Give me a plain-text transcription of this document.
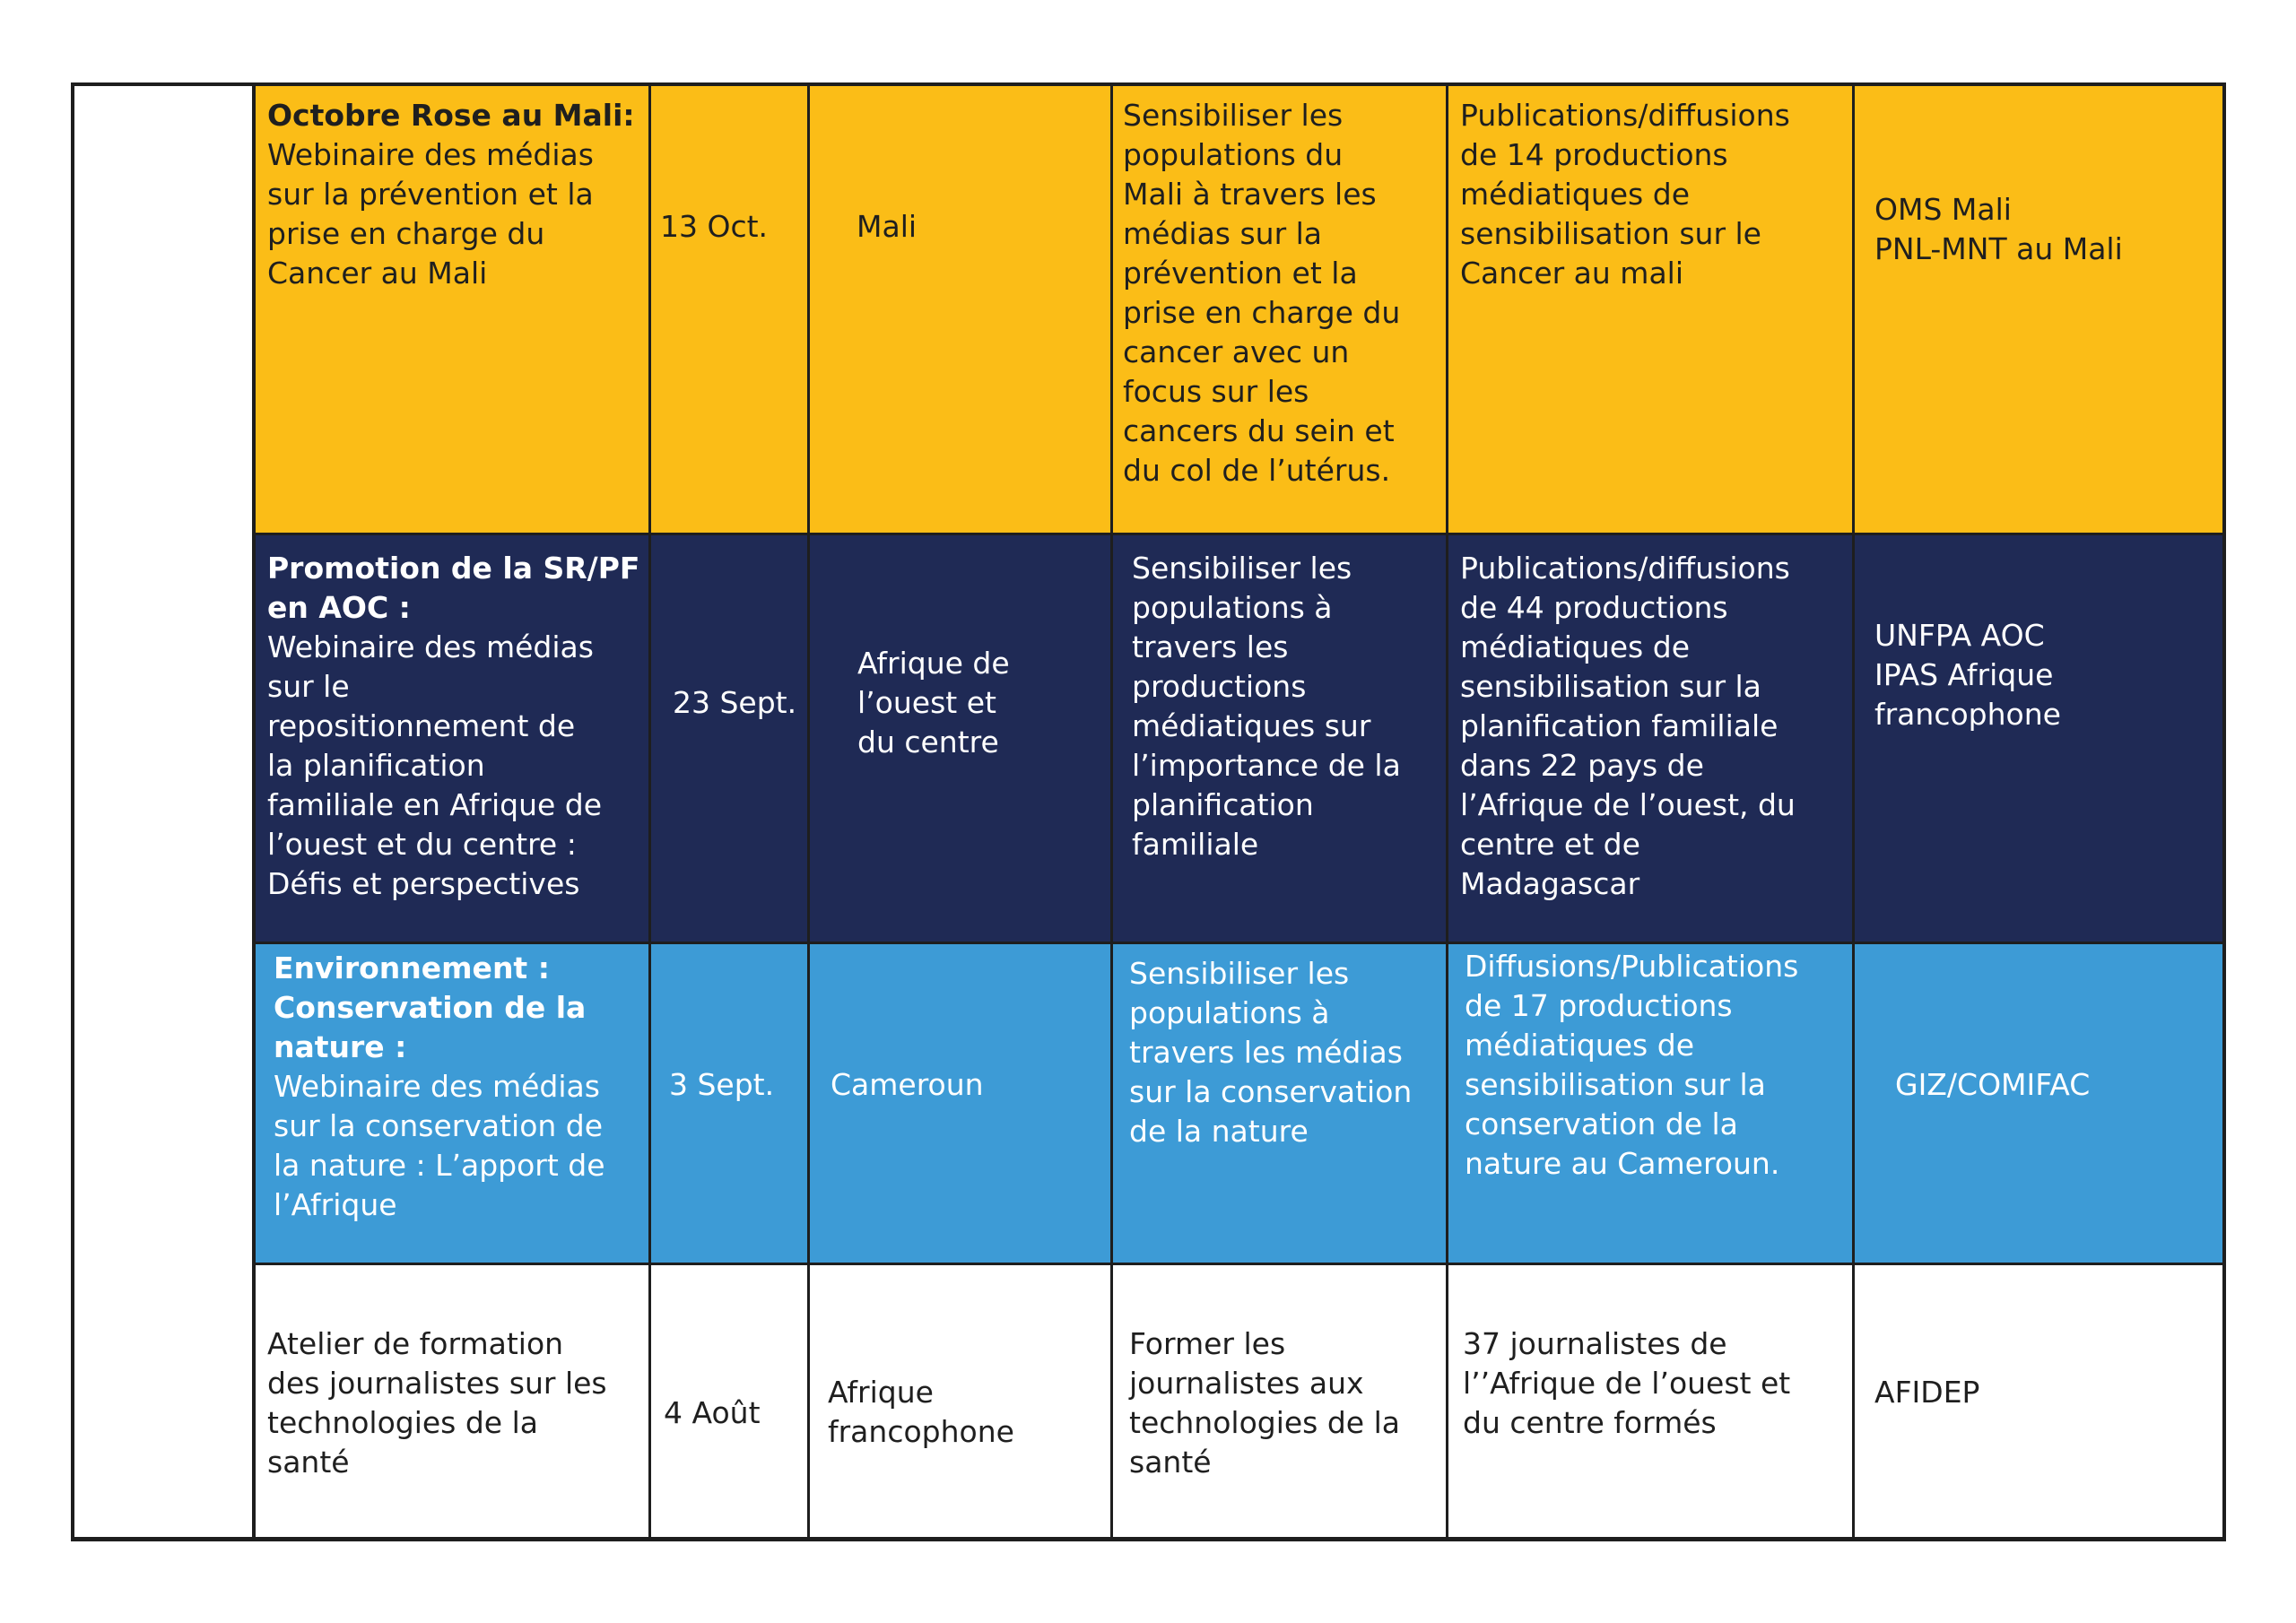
Octobre Rose au Mali:
Webinaire des médias
sur la prévention et la
prise en charge du
Cancer au Mali
13 Oct.	Mali
Sensibiliser les
populations du
Mali à travers les
médias sur la
prévention et la
prise en charge du
cancer avec un
focus sur les
cancers du sein et
du col de l’utérus.
Publications/diffusions
de 14 productions
médiatiques de
sensibilisation sur le
Cancer au mali
OMS Mali
PNL-MNT au Mali
Promotion de la SR/PF
en AOC :
Webinaire des médias
sur le
repositionnement de
la planification
familiale en Afrique de
l’ouest et du centre :
Défis et perspectives
23 Sept.
Afrique de
l’ouest et
du centre
Sensibiliser les
populations à
travers les
productions
médiatiques sur
l’importance de la
planification
familiale
Publications/diffusions
de 44 productions
médiatiques de
sensibilisation sur la
planification familiale
dans 22 pays de
l’Afrique de l’ouest, du
centre et de
Madagascar
UNFPA AOC
IPAS Afrique
francophone
Environnement :
Conservation de la
nature :
Webinaire des médias
sur la conservation de
la nature : L’apport de
l’Afrique
3 Sept. Cameroun
Sensibiliser les
populations à
travers les médias
sur la conservation
de la nature
Diffusions/Publications
de 17 productions
médiatiques de
sensibilisation sur la
conservation de la
nature au Cameroun.
GIZ/COMIFAC
Atelier de formation
des journalistes sur les
technologies de la
santé
4 Août
Afrique
francophone
Former les
journalistes aux
technologies de la
santé
37 journalistes de
l’’Afrique de l’ouest et
du centre formés
AFIDEP
